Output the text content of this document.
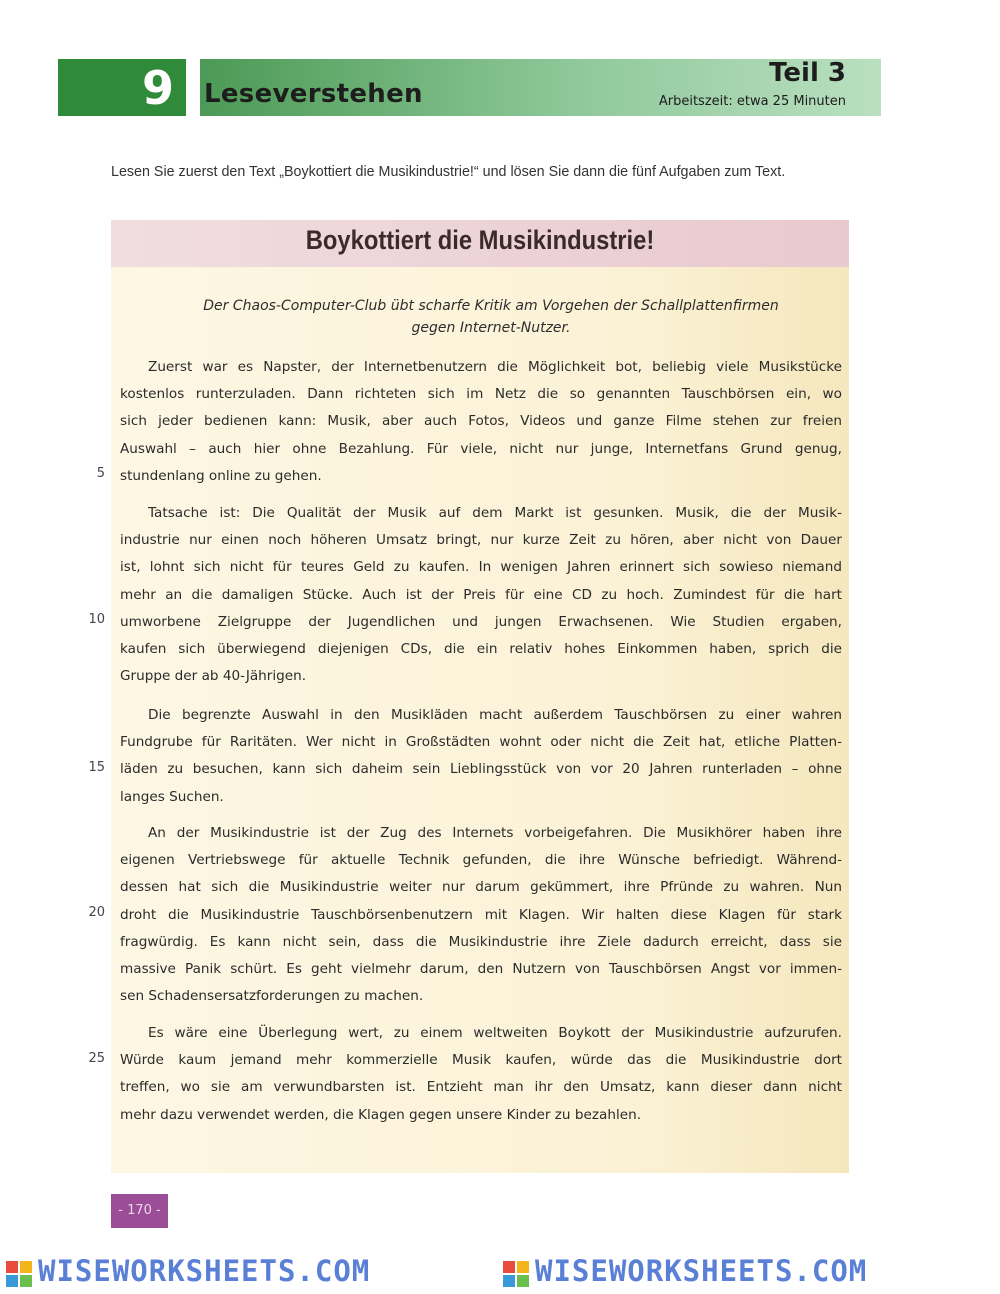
9 Leseverstehen
Teil 3
Arbeitszeit: etwa 25 Minuten
Lesen Sie zuerst den Text „Boykottiert die Musikindustrie!“ und lösen Sie dann die fünf Aufgaben zum Text.
Boykottiert die Musikindustrie!
Der Chaos-Computer-Club übt scharfe Kritik am Vorgehen der Schallplattenfirmen
gegen Internet-Nutzer.
Zuerst war es Napster, der Internetbenutzern die Möglichkeit bot, beliebig viele Musikstücke
kostenlos runterzuladen. Dann richteten sich im Netz die so genannten Tauschbörsen ein, wo
sich jeder bedienen kann: Musik, aber auch Fotos, Videos und ganze Filme stehen zur freien
Auswahl – auch hier ohne Bezahlung. Für viele, nicht nur junge, Internetfans Grund genug,
stundenlang online zu gehen.
Tatsache ist: Die Qualität der Musik auf dem Markt ist gesunken. Musik, die der Musik-
industrie nur einen noch höheren Umsatz bringt, nur kurze Zeit zu hören, aber nicht von Dauer
ist, lohnt sich nicht für teures Geld zu kaufen. In wenigen Jahren erinnert sich sowieso niemand
mehr an die damaligen Stücke. Auch ist der Preis für eine CD zu hoch. Zumindest für die hart
umworbene Zielgruppe der Jugendlichen und jungen Erwachsenen. Wie Studien ergaben,
kaufen sich überwiegend diejenigen CDs, die ein relativ hohes Einkommen haben, sprich die
Gruppe der ab 40-Jährigen.
Die begrenzte Auswahl in den Musikläden macht außerdem Tauschbörsen zu einer wahren
Fundgrube für Raritäten. Wer nicht in Großstädten wohnt oder nicht die Zeit hat, etliche Platten-
läden zu besuchen, kann sich daheim sein Lieblingsstück von vor 20 Jahren runterladen – ohne
langes Suchen.
An der Musikindustrie ist der Zug des Internets vorbeigefahren. Die Musikhörer haben ihre
eigenen Vertriebswege für aktuelle Technik gefunden, die ihre Wünsche befriedigt. Während-
dessen hat sich die Musikindustrie weiter nur darum gekümmert, ihre Pfründe zu wahren. Nun
droht die Musikindustrie Tauschbörsenbenutzern mit Klagen. Wir halten diese Klagen für stark
fragwürdig. Es kann nicht sein, dass die Musikindustrie ihre Ziele dadurch erreicht, dass sie
massive Panik schürt. Es geht vielmehr darum, den Nutzern von Tauschbörsen Angst vor immen-
sen Schadensersatzforderungen zu machen.
Es wäre eine Überlegung wert, zu einem weltweiten Boykott der Musikindustrie aufzurufen.
Würde kaum jemand mehr kommerzielle Musik kaufen, würde das die Musikindustrie dort
treffen, wo sie am verwundbarsten ist. Entzieht man ihr den Umsatz, kann dieser dann nicht
mehr dazu verwendet werden, die Klagen gegen unsere Kinder zu bezahlen.
5
10
15
20
25
- 170 -
WISEWORKSHEETS.COM	WISEWORKSHEETS.COM
